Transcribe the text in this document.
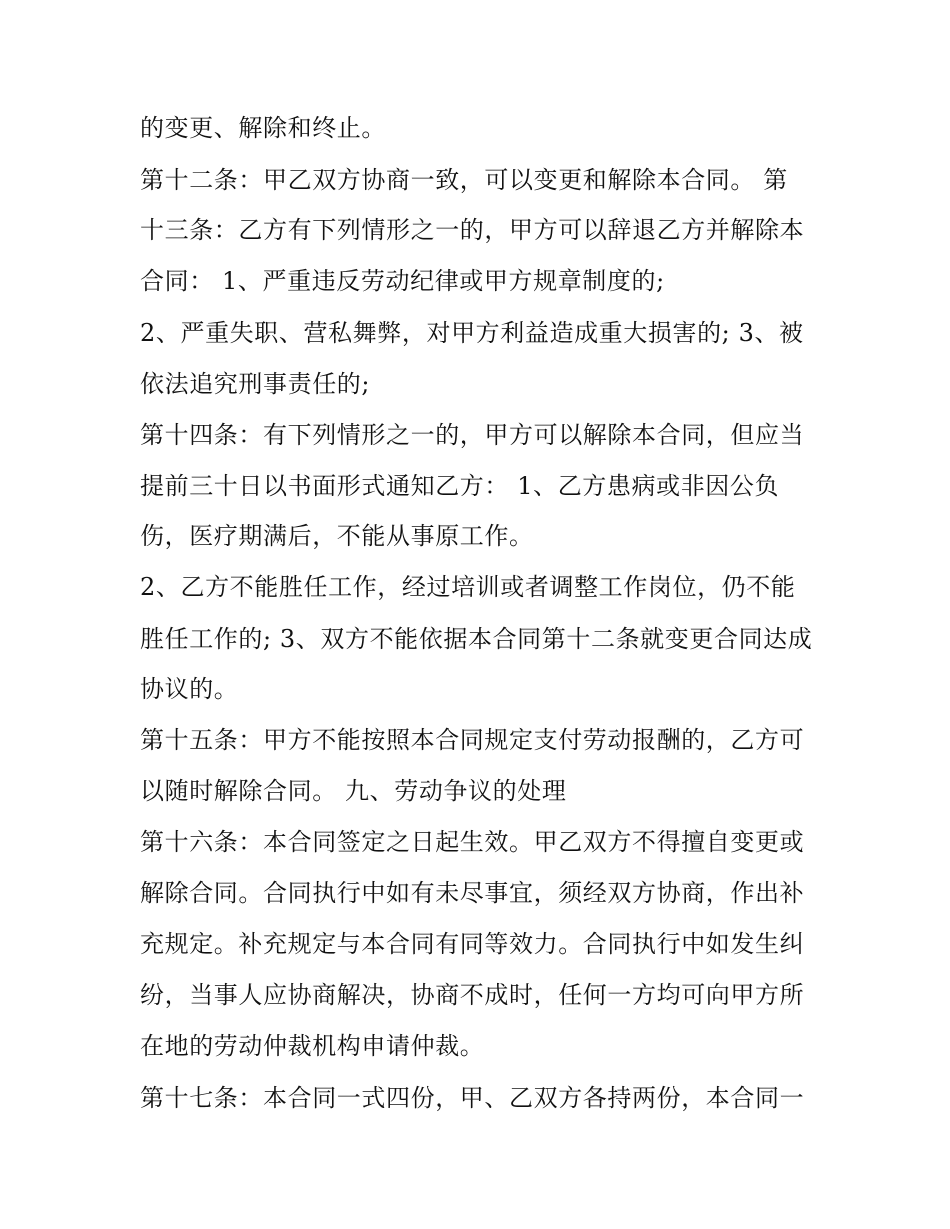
的变更、解除和终止。
第十二条：甲乙双方协商一致，可以变更和解除本合同。 第
十三条：乙方有下列情形之一的，甲方可以辞退乙方并解除本
合同： 1、严重违反劳动纪律或甲方规章制度的;
2、严重失职、营私舞弊，对甲方利益造成重大损害的; 3、被
依法追究刑事责任的;
第十四条：有下列情形之一的，甲方可以解除本合同，但应当
提前三十日以书面形式通知乙方： 1、乙方患病或非因公负
伤，医疗期满后，不能从事原工作。
2、乙方不能胜任工作，经过培训或者调整工作岗位，仍不能
胜任工作的; 3、双方不能依据本合同第十二条就变更合同达成
协议的。
第十五条：甲方不能按照本合同规定支付劳动报酬的，乙方可
以随时解除合同。 九、劳动争议的处理
第十六条：本合同签定之日起生效。甲乙双方不得擅自变更或
解除合同。合同执行中如有未尽事宜，须经双方协商，作出补
充规定。补充规定与本合同有同等效力。合同执行中如发生纠
纷，当事人应协商解决，协商不成时，任何一方均可向甲方所
在地的劳动仲裁机构申请仲裁。
第十七条：本合同一式四份，甲、乙双方各持两份，本合同一
